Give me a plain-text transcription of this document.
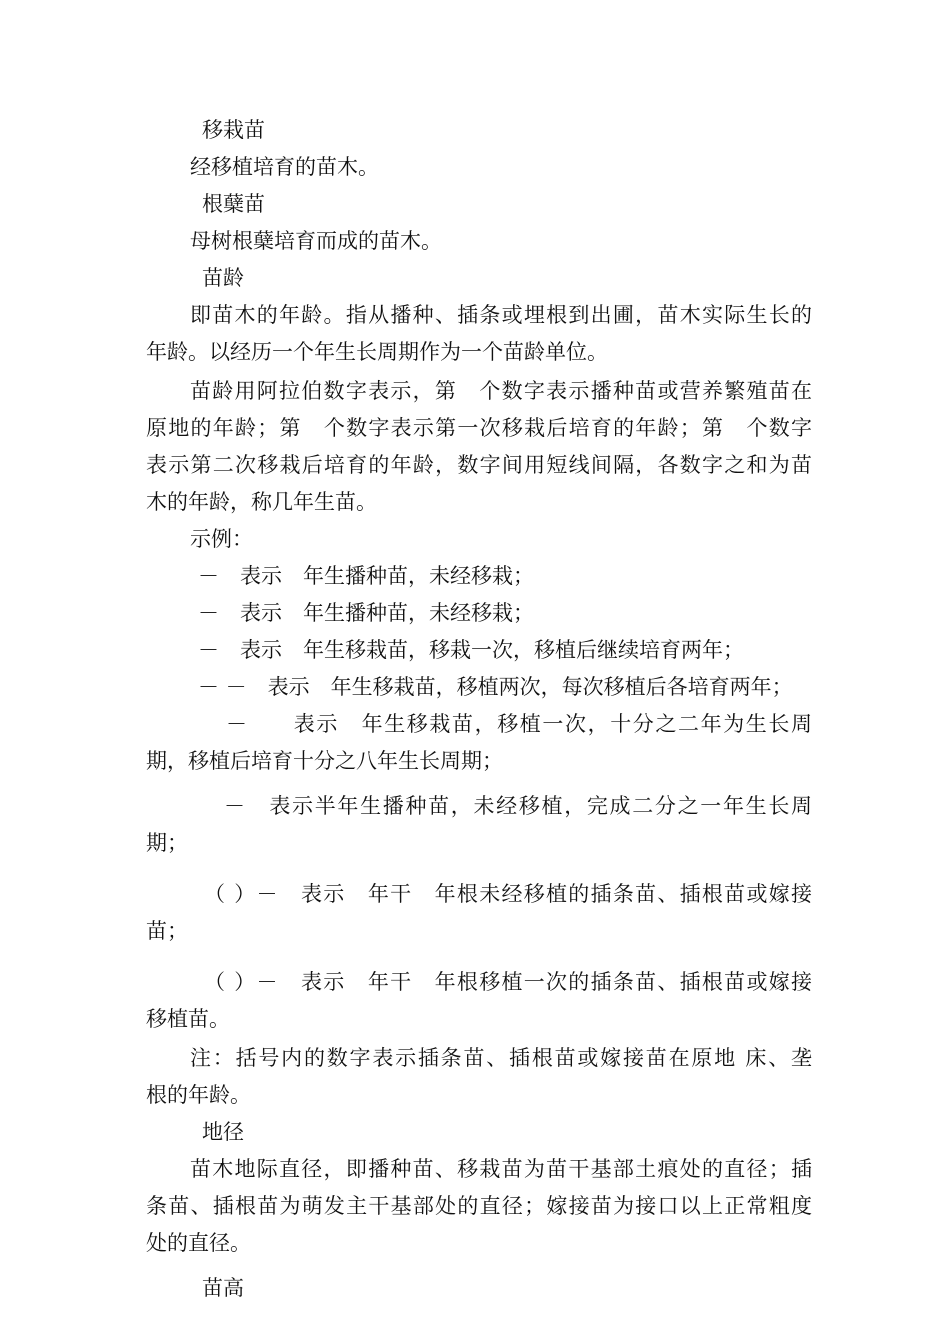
移栽苗
经移植培育的苗木。
根蘖苗
母树根蘖培育而成的苗木。
苗龄
即苗木的年龄。指从播种、插条或埋根到出圃，苗木实际生长的
年龄。以经历一个年生长周期作为一个苗龄单位。
苗龄用阿拉伯数字表示，第　个数字表示播种苗或营养繁殖苗在
原地的年龄；第　个数字表示第一次移栽后培育的年龄；第　个数字
表示第二次移栽后培育的年龄，数字间用短线间隔，各数字之和为苗
木的年龄，称几年生苗。
示例：
－　表示　年生播种苗，未经移栽；
－　表示　年生播种苗，未经移栽；
－　表示　年生移栽苗，移栽一次，移植后继续培育两年；
－ －　表示　年生移栽苗，移植两次，每次移植后各培育两年；
－　　表示　年生移栽苗，移植一次，十分之二年为生长周
期，移植后培育十分之八年生长周期；
－　表示半年生播种苗，未经移植，完成二分之一年生长周
期；
（ ）－　表示　年干　年根未经移植的插条苗、插根苗或嫁接
苗；
（ ）－　表示　年干　年根移植一次的插条苗、插根苗或嫁接
移植苗。
注：括号内的数字表示插条苗、插根苗或嫁接苗在原地 床、垄
根的年龄。
地径
苗木地际直径，即播种苗、移栽苗为苗干基部土痕处的直径；插
条苗、插根苗为萌发主干基部处的直径；嫁接苗为接口以上正常粗度
处的直径。
苗高
